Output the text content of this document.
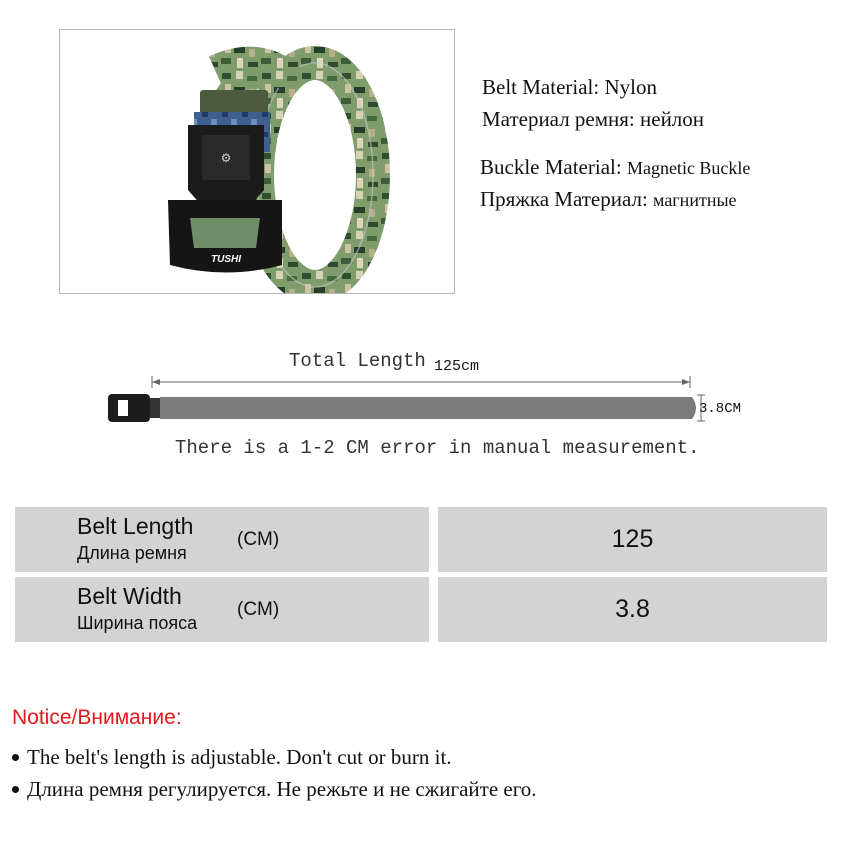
⚙
TUSHI
Belt Material: Nylon
Материал ремня: нейлон
Buckle Material: Magnetic Buckle
Пряжка Материал: магнитные
Total Length 125cm
3.8CM
There is a 1-2 CM error in manual measurement.
Belt Length
Длина ремня
(CM)	125
Belt Width
Ширина пояса
(CM)	3.8
Notice/Внимание:
The belt's length is adjustable. Don't cut or burn it.
Длина ремня регулируется. Не режьте и не сжигайте его.
